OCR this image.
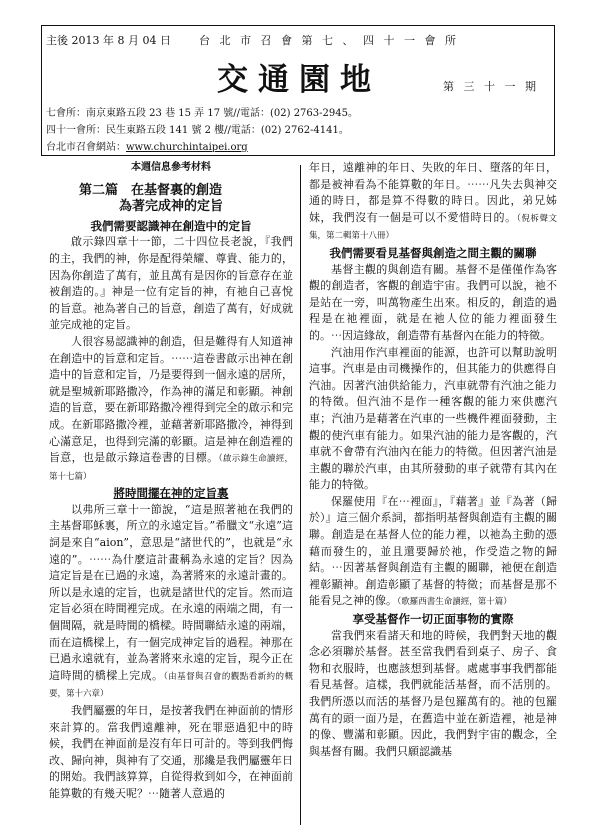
主後 2013 年 8 月 04 日	台 北 市 召 會 第 七 、 四 十 一 會 所
交通園地	第 三 十 一 期
七會所：南京東路五段 23 巷 15 弄 17 號//電話：(02) 2763-2945。
四十一會所：民生東路五段 141 號 2 樓//電話：(02) 2762-4141。
台北市召會網站：www.churchintaipei.org
本週信息參考材料
第二篇　在基督裏的創造
為著完成神的定旨
我們需要認識神在創造中的定旨

啟示錄四章十一節，二十四位長老說，『我們的主，我們的神，你是配得榮耀、尊貴、能力的，因為你創造了萬有，並且萬有是因你的旨意存在並被創造的。』神是一位有定旨的神，有祂自己喜悅的旨意。祂為著自己的旨意，創造了萬有，好成就並完成祂的定旨。

人很容易認識神的創造，但是難得有人知道神在創造中的旨意和定旨。⋯⋯這卷書啟示出神在創造中的旨意和定旨，乃是要得到一個永遠的居所，就是聖城新耶路撒冷，作為神的滿足和彰顯。神創造的旨意，要在新耶路撒冷裡得到完全的啟示和完成。在新耶路撒冷裡，並藉著新耶路撒冷，神得到心滿意足，也得到完滿的彰顯。這是神在創造裡的旨意，也是啟示錄這卷書的目標。（啟示錄生命讀經，第十七篇）

將時間擺在神的定旨裏

以弗所三章十一節說，“這是照著祂在我們的主基督耶穌裏，所立的永遠定旨。”希臘文“永遠”這詞是來自“aion”，意思是“諸世代的”，也就是“永遠的”。⋯⋯為什麼這計畫稱為永遠的定旨？因為這定旨是在已過的永遠，為著將來的永遠計畫的。所以是永遠的定旨，也就是諸世代的定旨。然而這定旨必須在時間裡完成。在永遠的兩端之間，有一個間隔，就是時間的橋樑。時間聯結永遠的兩端，而在這橋樑上，有一個完成神定旨的過程。神那在已過永遠就有，並為著將來永遠的定旨，現今正在這時間的橋樑上完成。（由基督與召會的觀點看新約的概要，第十六章）

我們屬靈的年日，是按著我們在神面前的情形來計算的。當我們遠離神，死在罪惡過犯中的時候，我們在神面前是沒有年日可計的。等到我們悔改、歸向神，與神有了交通，那纔是我們屬靈年日的開始。我們該算算，自從得救到如今，在神面前能算數的有幾天呢？⋯隨著人意過的

年日，遠離神的年日、失敗的年日、墮落的年日，都是被神看為不能算數的年日。⋯⋯凡失去與神交通的時日，都是算不得數的時日。因此，弟兄姊妹，我們沒有一個是可以不愛惜時日的。（倪柝聲文集，第二輯第十八冊）

我們需要看見基督與創造之間主觀的關聯

基督主觀的與創造有關。基督不是僅僅作為客觀的創造者，客觀的創造宇宙。我們可以說，祂不是站在一旁，叫萬物產生出來。相反的，創造的過程是在祂裡面，就是在祂人位的能力裡面發生的。⋯因這緣故，創造帶有基督內在能力的特徵。

汽油用作汽車裡面的能源，也許可以幫助說明這事。汽車是由司機操作的，但其能力的供應得自汽油。因著汽油供給能力，汽車就帶有汽油之能力的特徵。但汽油不是作一種客觀的能力來供應汽車；汽油乃是藉著在汽車的一些機件裡面發動，主觀的使汽車有能力。如果汽油的能力是客觀的，汽車就不會帶有汽油內在能力的特徵。但因著汽油是主觀的聯於汽車，由其所發動的車子就帶有其內在能力的特徵。

保羅使用『在⋯裡面』，『藉著』並『為著（歸於）』這三個介系詞，都指明基督與創造有主觀的關聯。創造是在基督人位的能力裡，以祂為主動的憑藉而發生的，並且還要歸於祂，作受造之物的歸結。⋯因著基督與創造有主觀的關聯，祂便在創造裡彰顯神。創造彰顯了基督的特徵；而基督是那不能看見之神的像。（歌羅西書生命讀經，第十篇）

享受基督作一切正面事物的實際

當我們來看諸天和地的時候，我們對天地的觀念必須聯於基督。甚至當我們看到桌子、房子、食物和衣服時，也應該想到基督。處處事事我們都能看見基督。這樣，我們就能活基督，而不活別的。我們所憑以而活的基督乃是包羅萬有的。祂的包羅萬有的頭一面乃是，在舊造中並在新造裡，祂是神的像、豐滿和彰顯。因此，我們對宇宙的觀念，全與基督有關。我們只願認識基
